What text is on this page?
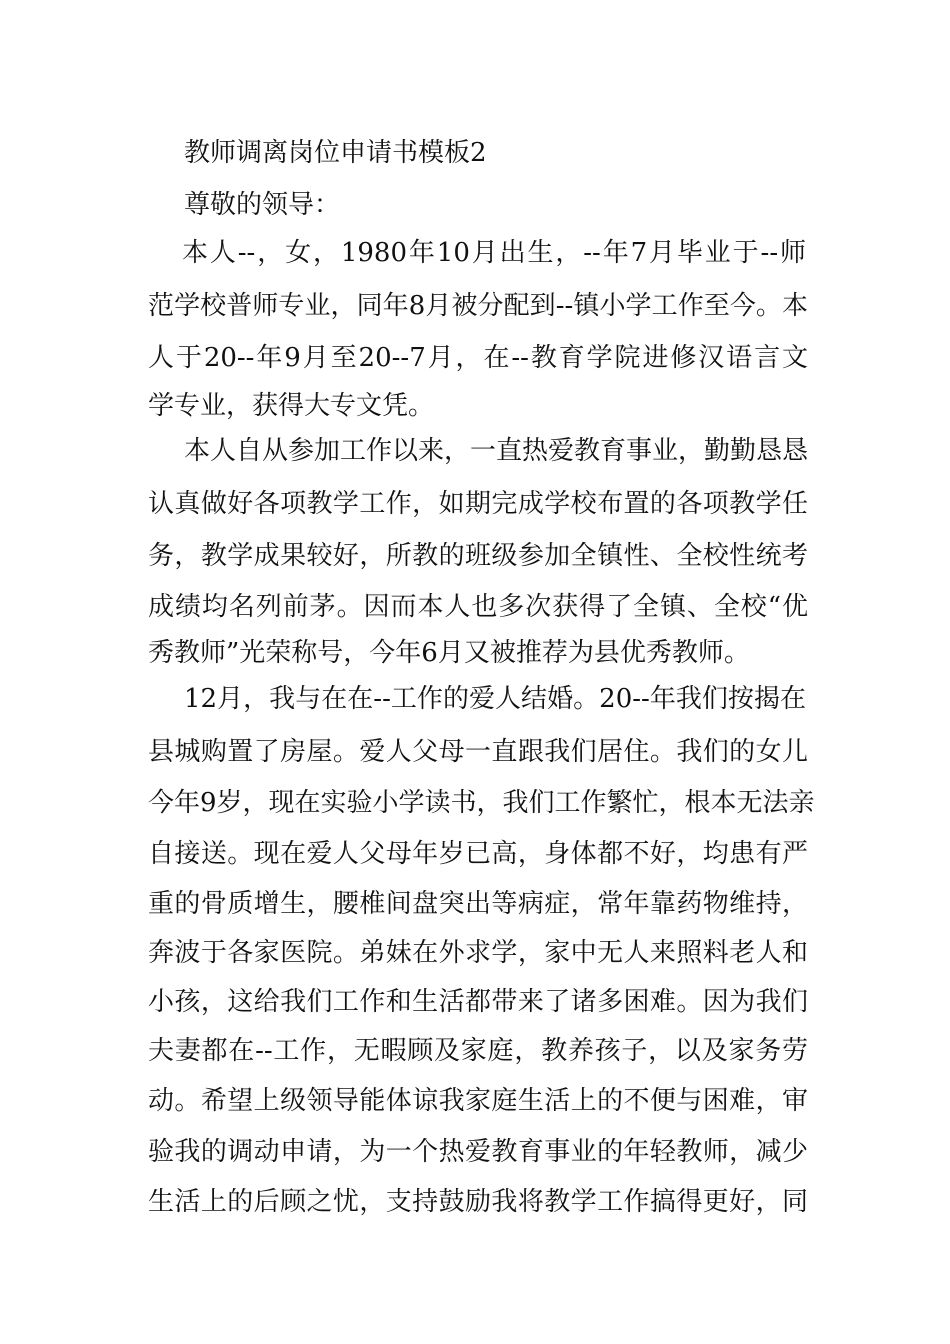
教师调离岗位申请书模板2
尊敬的领导：
本人--，女，1980年10月出生，--年7月毕业于--师
范学校普师专业，同年8月被分配到--镇小学工作至今。本
人于20--年9月至20--7月，在--教育学院进修汉语言文
学专业，获得大专文凭。
本人自从参加工作以来，一直热爱教育事业，勤勤恳恳
认真做好各项教学工作，如期完成学校布置的各项教学任
务，教学成果较好，所教的班级参加全镇性、全校性统考
成绩均名列前茅。因而本人也多次获得了全镇、全校“优
秀教师”光荣称号，今年6月又被推荐为县优秀教师。
12月，我与在在--工作的爱人结婚。20--年我们按揭在
县城购置了房屋。爱人父母一直跟我们居住。我们的女儿
今年9岁，现在实验小学读书，我们工作繁忙，根本无法亲
自接送。现在爱人父母年岁已高，身体都不好，均患有严
重的骨质增生，腰椎间盘突出等病症，常年靠药物维持，
奔波于各家医院。弟妹在外求学，家中无人来照料老人和
小孩，这给我们工作和生活都带来了诸多困难。因为我们
夫妻都在--工作，无暇顾及家庭，教养孩子，以及家务劳
动。希望上级领导能体谅我家庭生活上的不便与困难，审
验我的调动申请，为一个热爱教育事业的年轻教师，减少
生活上的后顾之忧，支持鼓励我将教学工作搞得更好，同
